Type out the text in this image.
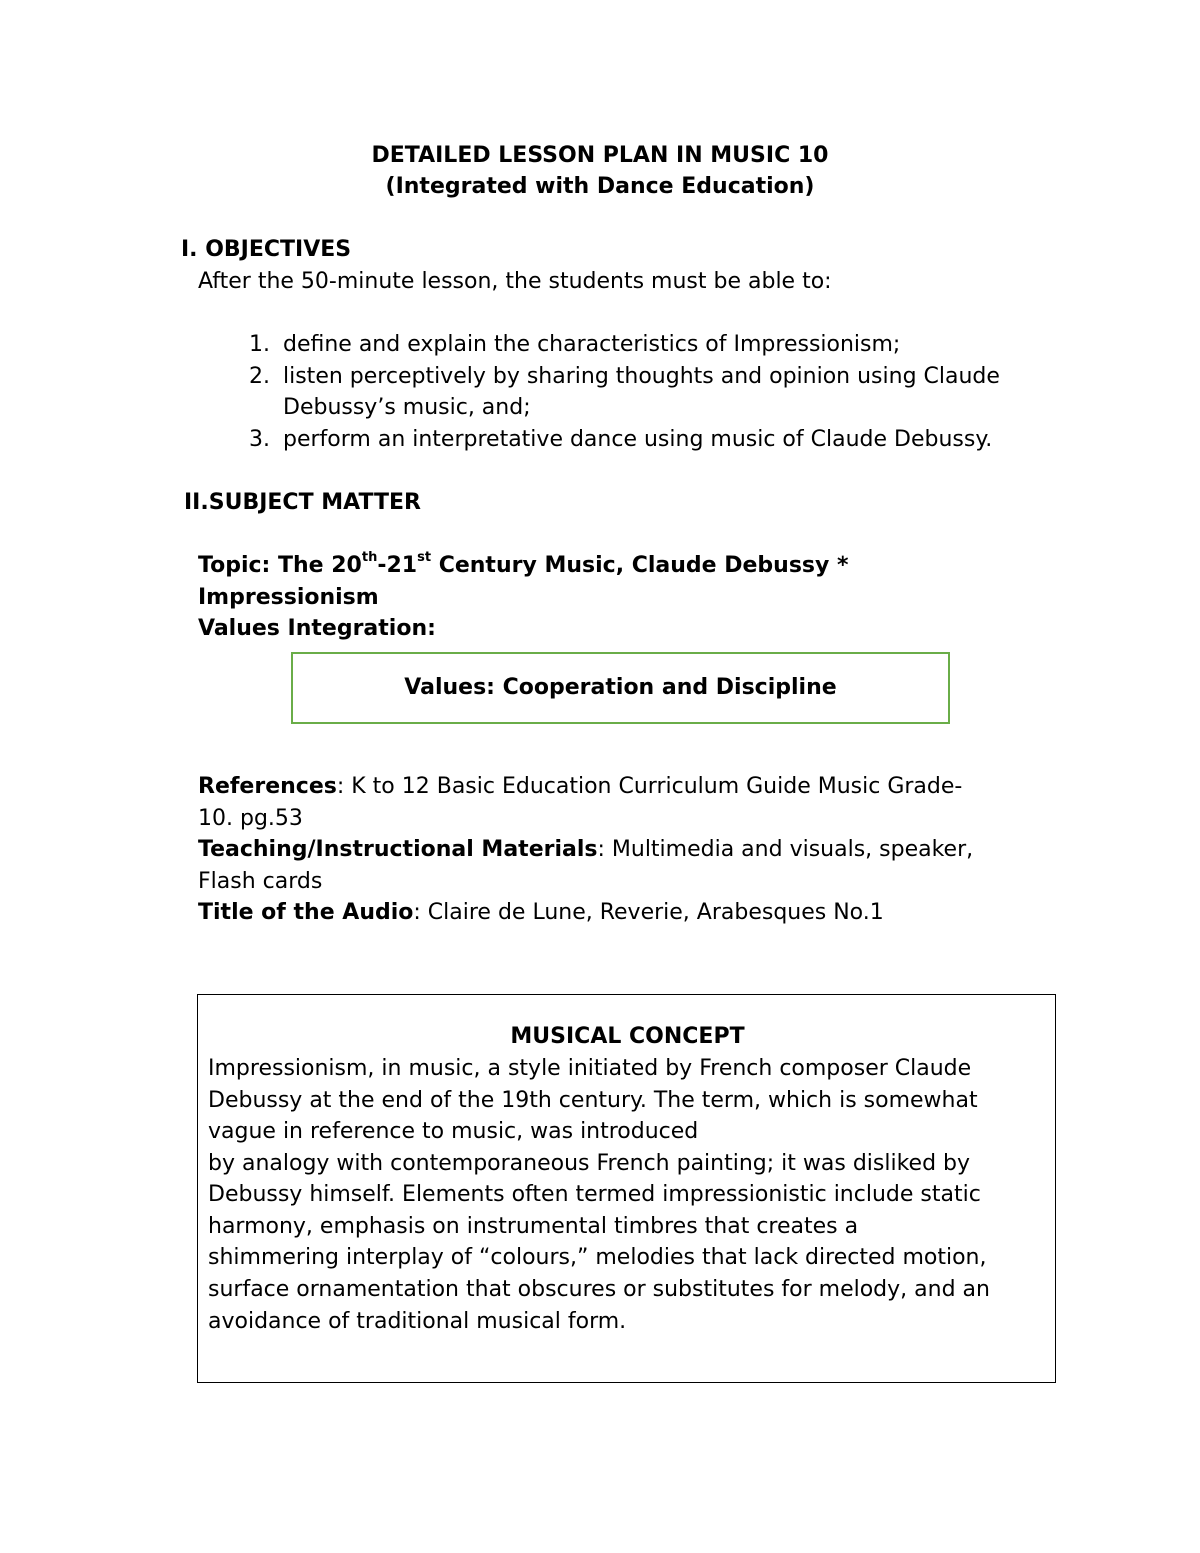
DETAILED LESSON PLAN IN MUSIC 10
(Integrated with Dance Education)
I. OBJECTIVES
After the 50-minute lesson, the students must be able to:
1. define and explain the characteristics of Impressionism;
2. listen perceptively by sharing thoughts and opinion using Claude
Debussy’s music, and;
3. perform an interpretative dance using music of Claude Debussy.
II.SUBJECT MATTER
Topic: The 20th-21st Century Music, Claude Debussy *
Impressionism
Values Integration:
Values: Cooperation and Discipline
References: K to 12 Basic Education Curriculum Guide Music Grade-
10. pg.53
Teaching/Instructional Materials: Multimedia and visuals, speaker,
Flash cards
Title of the Audio: Claire de Lune, Reverie, Arabesques No.1
MUSICAL CONCEPT
Impressionism, in music, a style initiated by French composer Claude
Debussy at the end of the 19th century. The term, which is somewhat
vague in reference to music, was introduced
by analogy with contemporaneous French painting; it was disliked by
Debussy himself. Elements often termed impressionistic include static
harmony, emphasis on instrumental timbres that creates a
shimmering interplay of “colours,” melodies that lack directed motion,
surface ornamentation that obscures or substitutes for melody, and an
avoidance of traditional musical form.
